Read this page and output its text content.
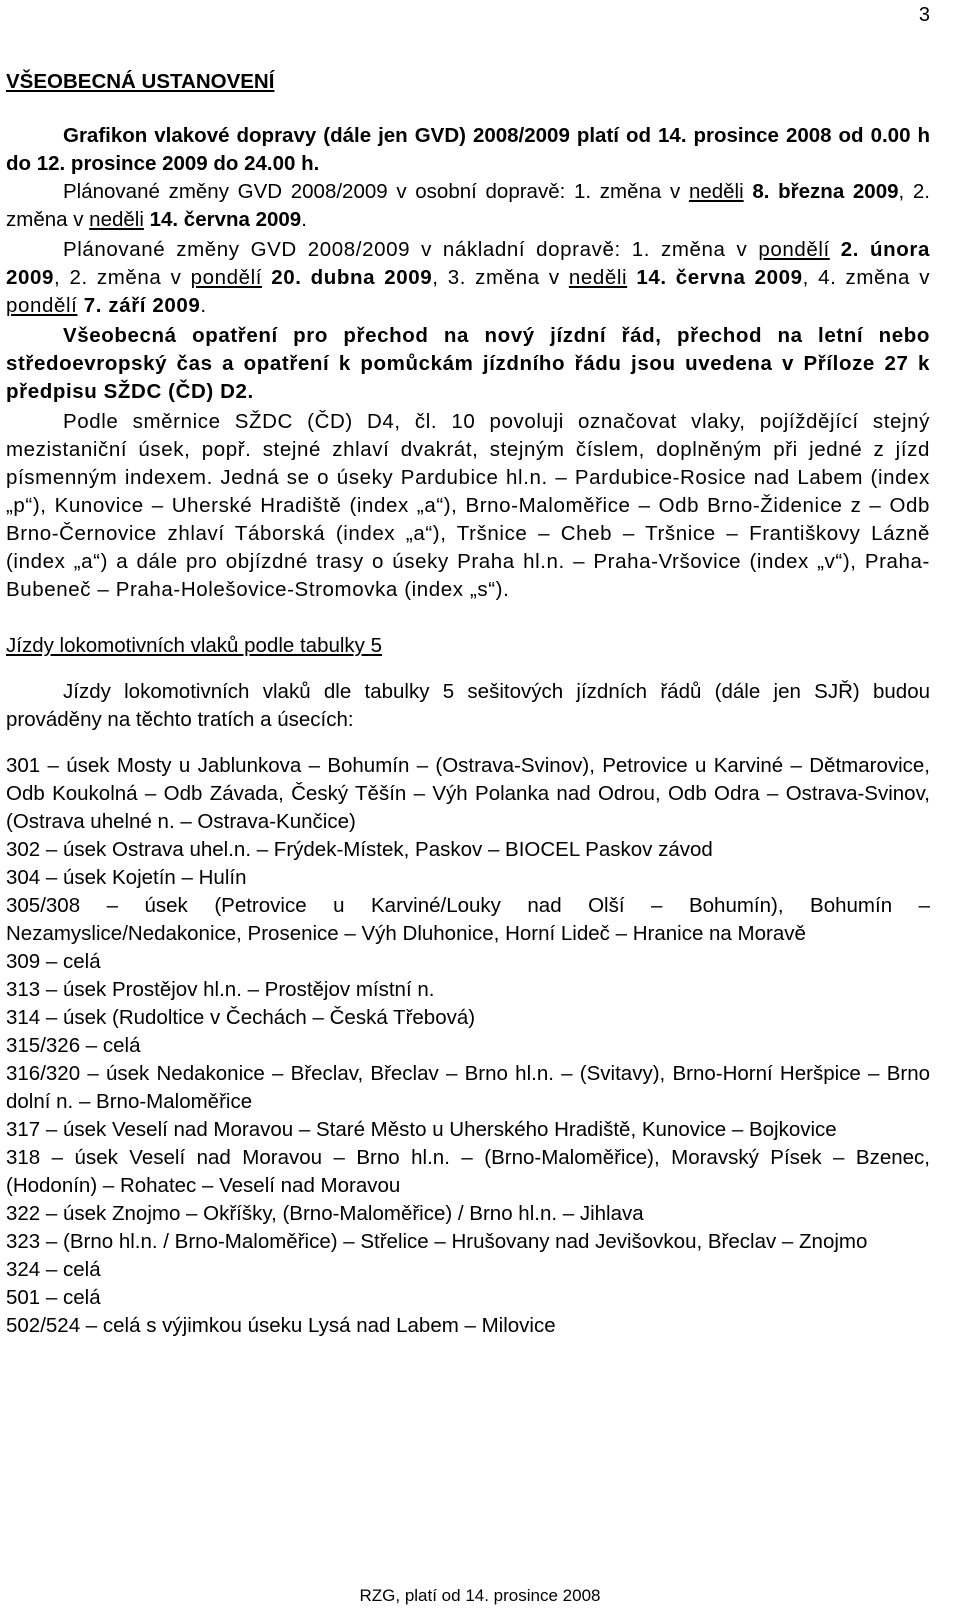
3

VŠEOBECNÁ USTANOVENÍ

Grafikon vlakové dopravy (dále jen GVD) 2008/2009 platí od 14. prosince 2008 od 0.00 h do 12. prosince 2009 do 24.00 h.

Plánované změny GVD 2008/2009 v osobní dopravě: 1. změna v neděli 8. března 2009, 2. změna v neděli 14. června 2009.

Plánované změny GVD 2008/2009 v nákladní dopravě: 1. změna v pondělí 2. února 2009, 2. změna v pondělí 20. dubna 2009, 3. změna v neděli 14. června 2009, 4. změna v pondělí 7. září 2009.

Všeobecná opatření pro přechod na nový jízdní řád, přechod na letní nebo středoevropský čas a opatření k pomůckám jízdního řádu jsou uvedena v Příloze 27 k předpisu SŽDC (ČD) D2.

Podle směrnice SŽDC (ČD) D4, čl. 10 povoluji označovat vlaky, pojíždějící stejný mezistaniční úsek, popř. stejné zhlaví dvakrát, stejným číslem, doplněným při jedné z jízd písmenným indexem. Jedná se o úseky Pardubice hl.n. – Pardubice-Rosice nad Labem (index „p“), Kunovice – Uherské Hradiště (index „a“), Brno-Maloměřice – Odb Brno-Židenice z – Odb Brno-Černovice zhlaví Táborská (index „a“), Tršnice – Cheb – Tršnice – Františkovy Lázně (index „a“) a dále pro objízdné trasy o úseky Praha hl.n. – Praha-Vršovice (index „v“), Praha-Bubeneč – Praha-Holešovice-Stromovka (index „s“).

Jízdy lokomotivních vlaků podle tabulky 5

Jízdy lokomotivních vlaků dle tabulky 5 sešitových jízdních řádů (dále jen SJŘ) budou prováděny na těchto tratích a úsecích:

301 – úsek Mosty u Jablunkova – Bohumín – (Ostrava-Svinov), Petrovice u Karviné – Dětmarovice, Odb Koukolná – Odb Závada, Český Těšín – Výh Polanka nad Odrou, Odb Odra – Ostrava-Svinov, (Ostrava uhelné n. – Ostrava-Kunčice)

302 – úsek Ostrava uhel.n. – Frýdek-Místek, Paskov – BIOCEL Paskov závod

304 – úsek Kojetín – Hulín

305/308 – úsek (Petrovice u Karviné/Louky nad Olší – Bohumín), Bohumín – Nezamyslice/Nedakonice, Prosenice – Výh Dluhonice, Horní Lideč – Hranice na Moravě

309 – celá

313 – úsek Prostějov hl.n. – Prostějov místní n.

314 – úsek (Rudoltice v Čechách – Česká Třebová)

315/326 – celá

316/320 – úsek Nedakonice – Břeclav, Břeclav – Brno hl.n. – (Svitavy), Brno-Horní Heršpice – Brno dolní n. – Brno-Maloměřice

317 – úsek Veselí nad Moravou – Staré Město u Uherského Hradiště, Kunovice – Bojkovice

318 – úsek Veselí nad Moravou – Brno hl.n. – (Brno-Maloměřice), Moravský Písek – Bzenec, (Hodonín) – Rohatec – Veselí nad Moravou

322 – úsek Znojmo – Okříšky, (Brno-Maloměřice) / Brno hl.n. – Jihlava

323 – (Brno hl.n. / Brno-Maloměřice) – Střelice – Hrušovany nad Jevišovkou, Břeclav – Znojmo

324 – celá

501 – celá

502/524 – celá s výjimkou úseku Lysá nad Labem – Milovice

RZG, platí od 14. prosince 2008
